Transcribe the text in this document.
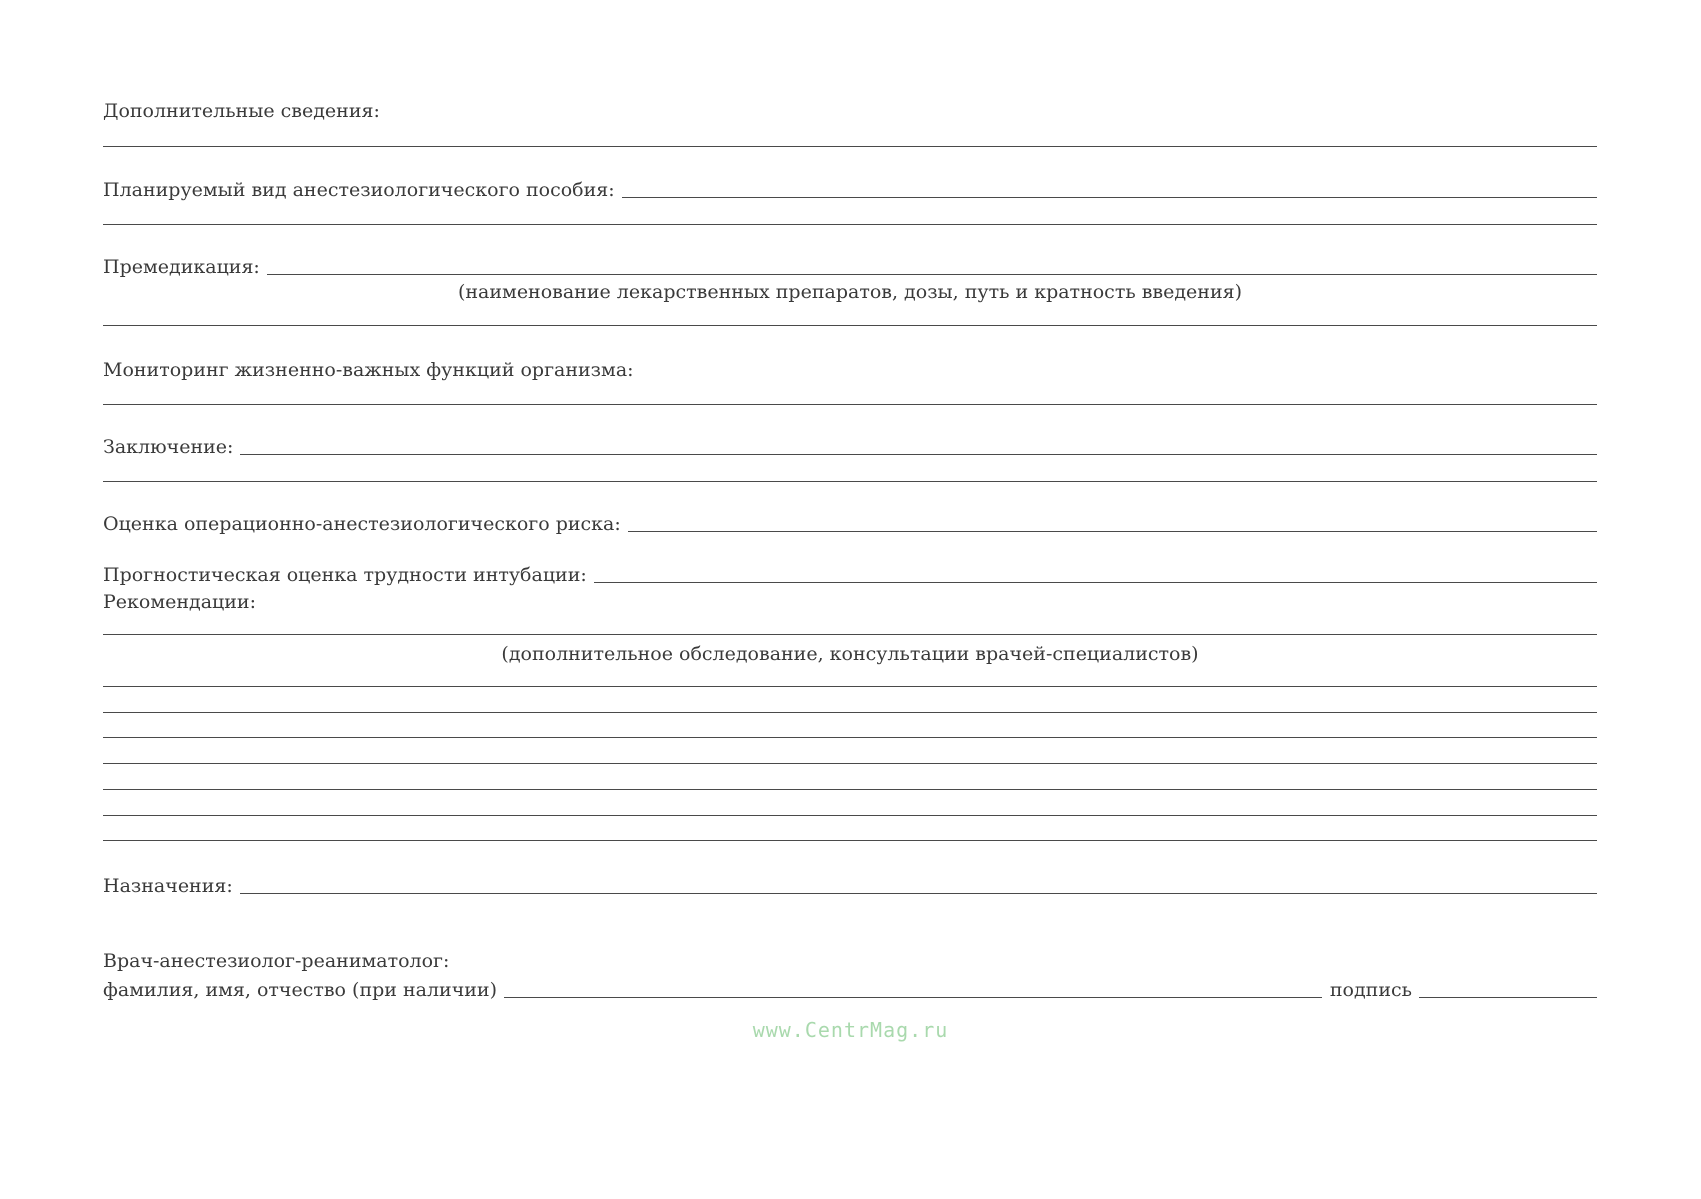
Дополнительные сведения:
Планируемый вид анестезиологического пособия:
Премедикация:
(наименование лекарственных препаратов, дозы, путь и кратность введения)
Мониторинг жизненно-важных функций организма:
Заключение:
Оценка операционно-анестезиологического риска:
Прогностическая оценка трудности интубации:
Рекомендации:
(дополнительное обследование, консультации врачей-специалистов)
Назначения:
Врач-анестезиолог-реаниматолог:
фамилия, имя, отчество (при наличии)	подпись
www.CentrMag.ru
